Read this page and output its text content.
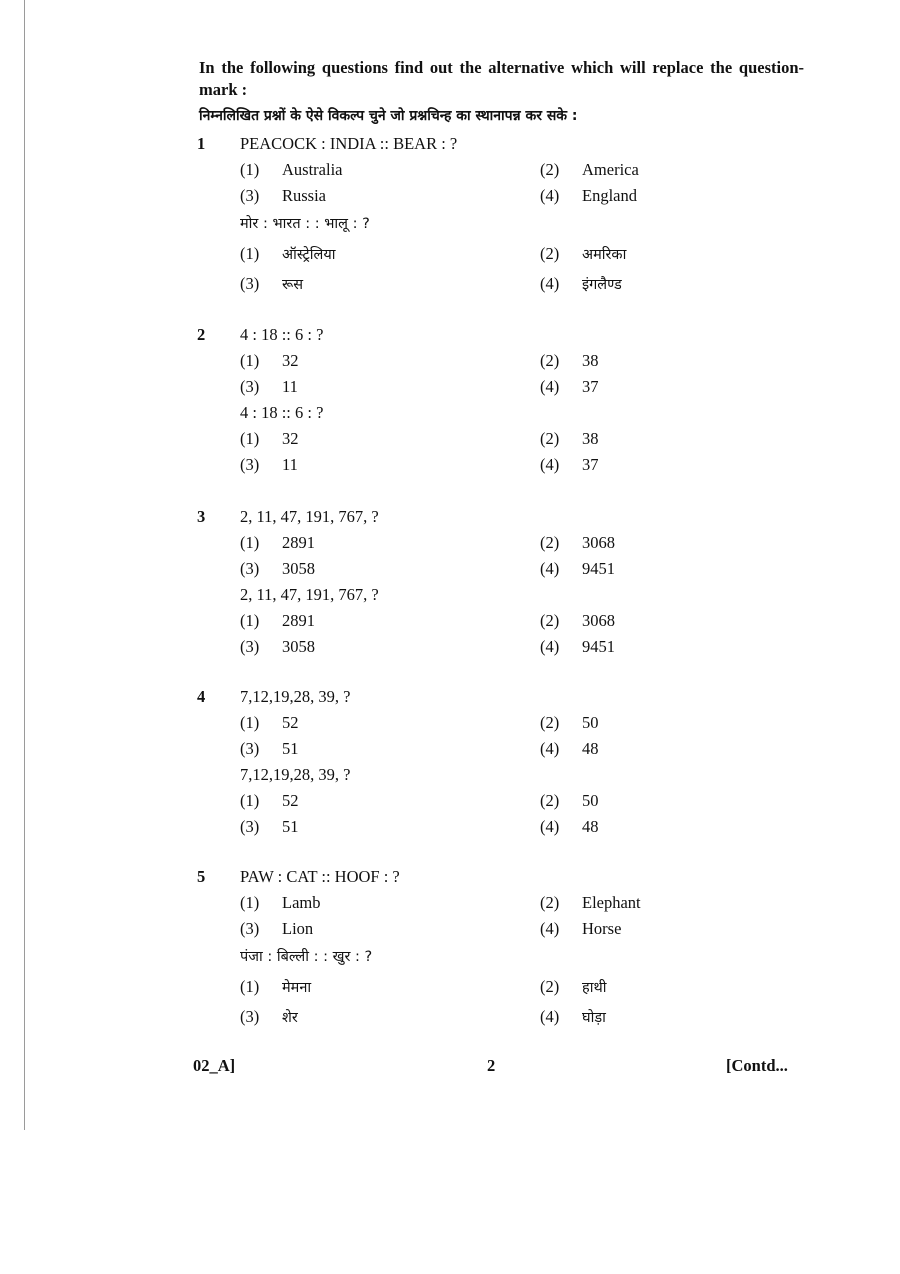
In the following questions find out the alternative which will replace the question-mark :
निम्नलिखित प्रश्नों के ऐसे विकल्प चुने जो प्रश्नचिन्ह का स्थानापन्न कर सके :
1 PEACOCK : INDIA :: BEAR : ?
(1) Australia	(2) America
(3) Russia	(4) England
मोर : भारत : : भालू : ?
(1) ऑस्ट्रेलिया	(2) अमरिका
(3) रूस	(4) इंगलैण्ड
2 4 : 18 :: 6 : ?
(1) 32	(2) 38
(3) 11	(4) 37
4 : 18 :: 6 : ?
(1) 32	(2) 38
(3) 11	(4) 37
3 2, 11, 47, 191, 767, ?
(1) 2891	(2) 3068
(3) 3058	(4) 9451
2, 11, 47, 191, 767, ?
(1) 2891	(2) 3068
(3) 3058	(4) 9451
4 7,12,19,28, 39, ?
(1) 52	(2) 50
(3) 51	(4) 48
7,12,19,28, 39, ?
(1) 52	(2) 50
(3) 51	(4) 48
5 PAW : CAT :: HOOF : ?
(1) Lamb	(2) Elephant
(3) Lion	(4) Horse
पंजा : बिल्ली : : खुर : ?
(1) मेमना	(2) हाथी
(3) शेर	(4) घोड़ा
02_A]	2	[Contd...
